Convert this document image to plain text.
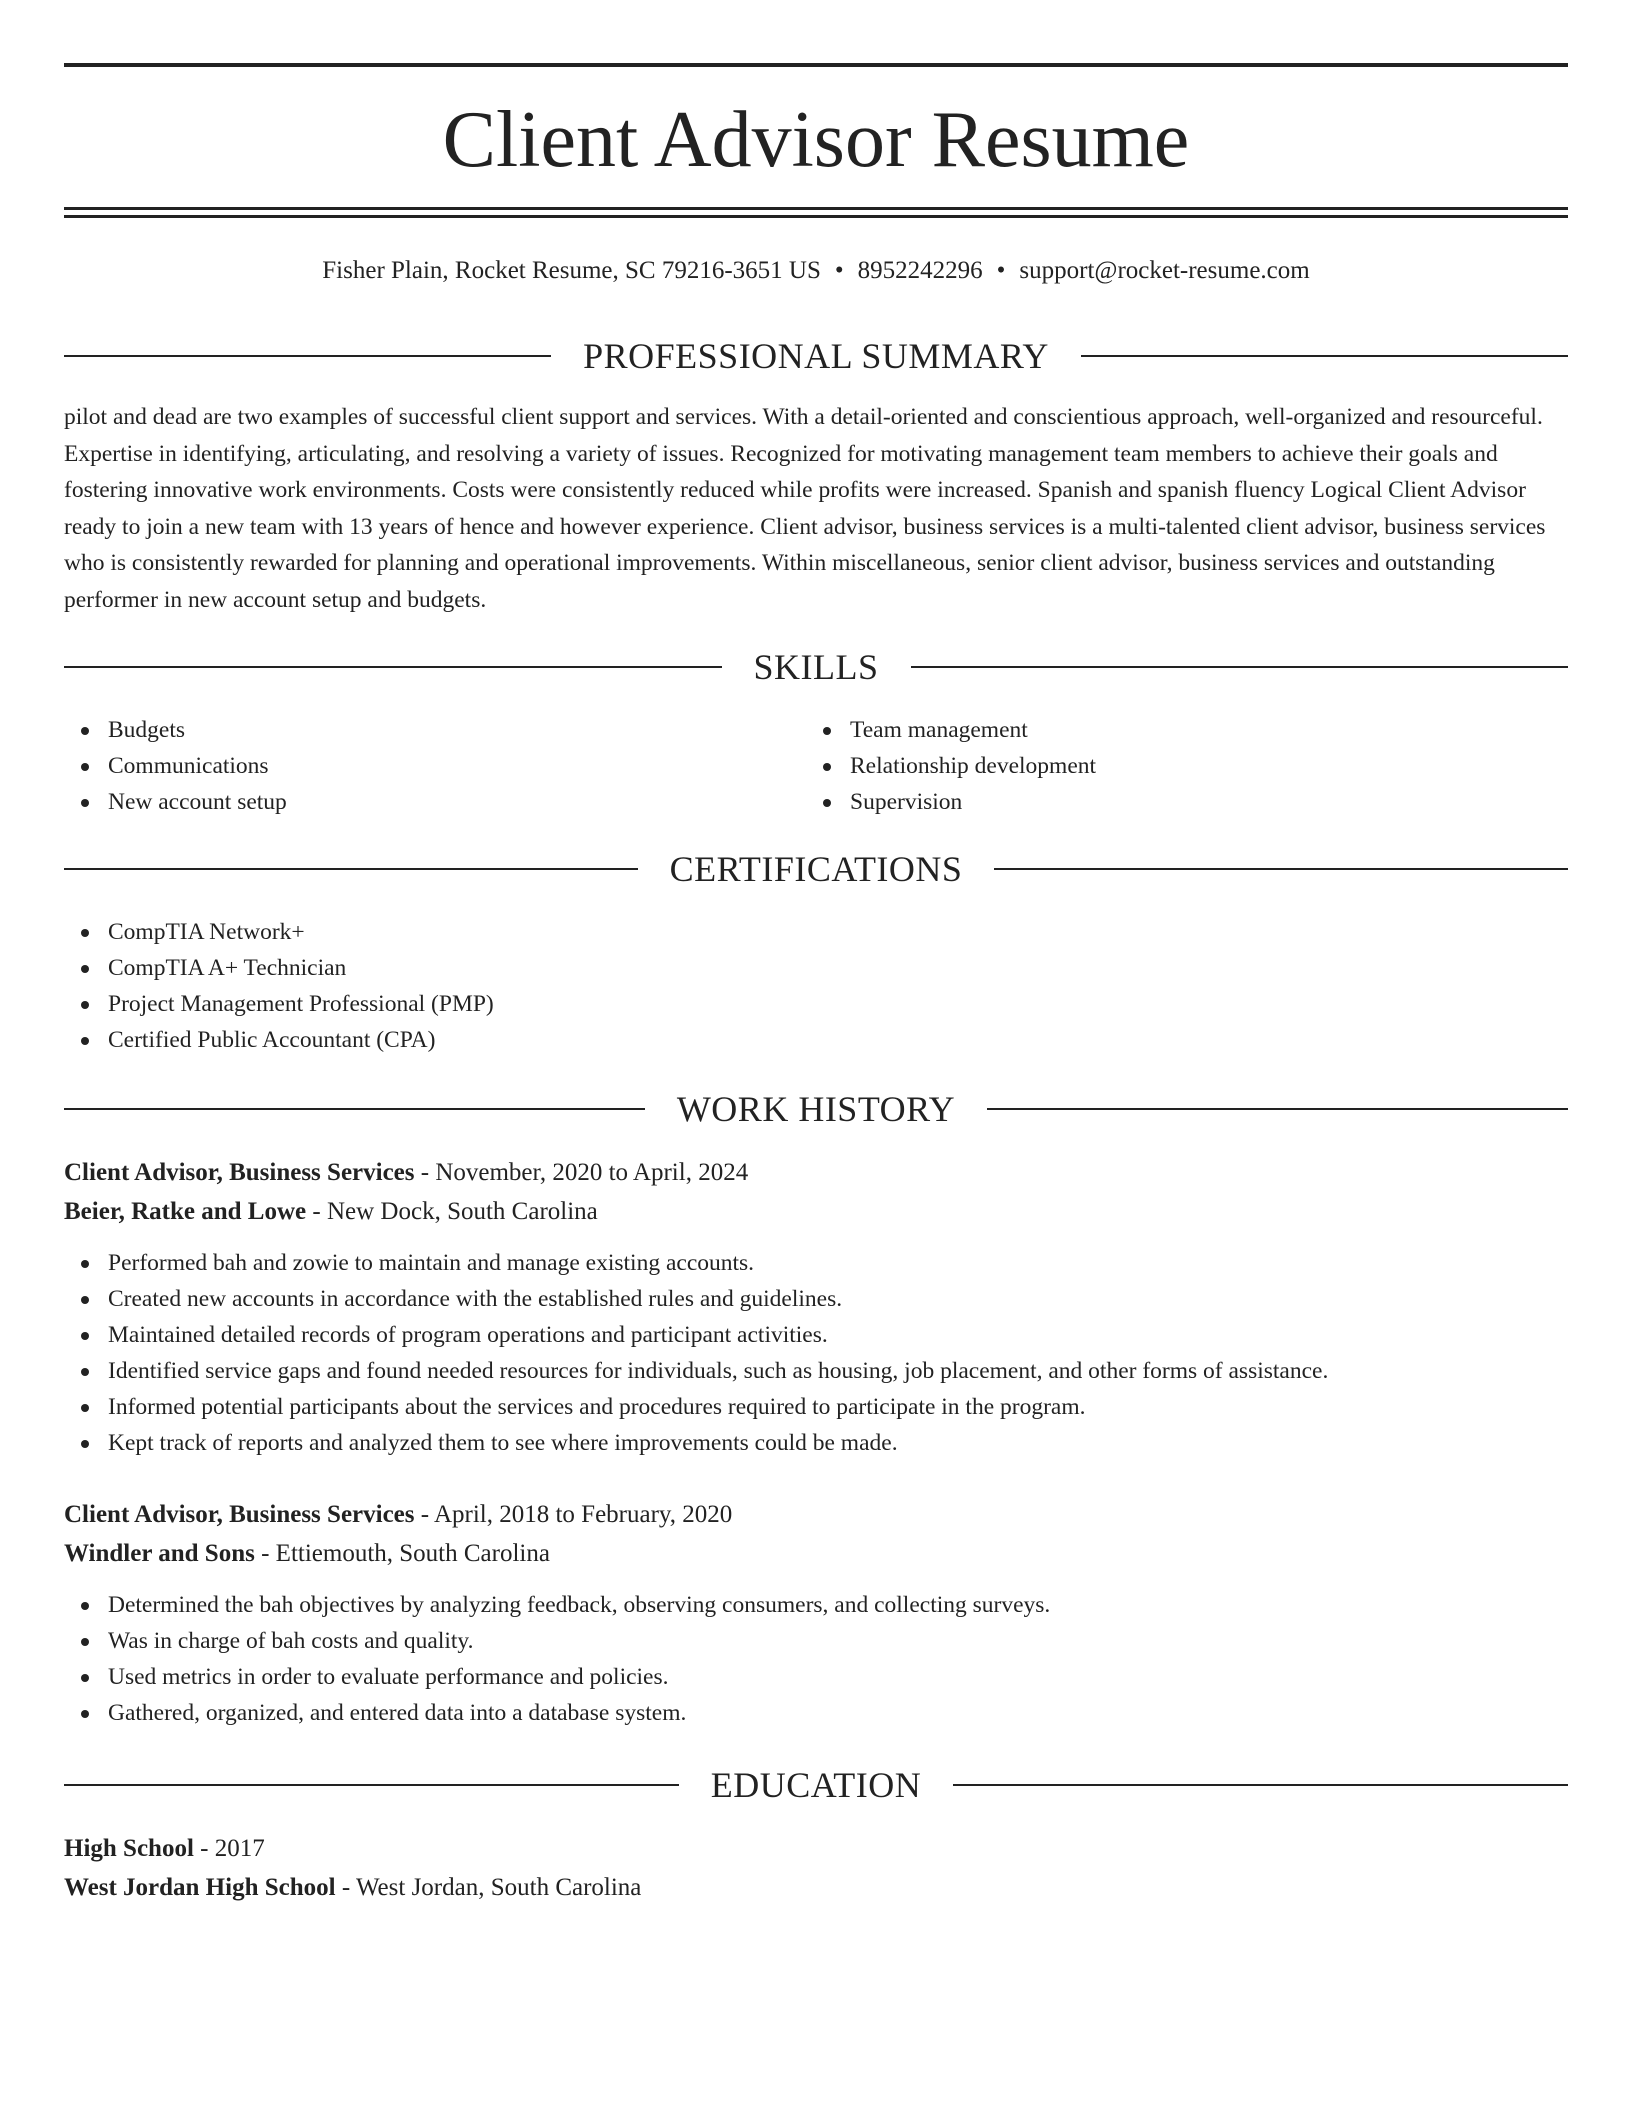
Client Advisor Resume
Fisher Plain, Rocket Resume, SC 79216-3651 US • 8952242296 • support@rocket-resume.com
PROFESSIONAL SUMMARY

pilot and dead are two examples of successful client support and services. With a detail-oriented and conscientious approach, well-organized and resourceful. Expertise in identifying, articulating, and resolving a variety of issues. Recognized for motivating management team members to achieve their goals and fostering innovative work environments. Costs were consistently reduced while profits were increased. Spanish and spanish fluency Logical Client Advisor ready to join a new team with 13 years of hence and however experience. Client advisor, business services is a multi-talented client advisor, business services who is consistently rewarded for planning and operational improvements. Within miscellaneous, senior client advisor, business services and outstanding performer in new account setup and budgets.

SKILLS
Budgets
Communications
New account setup
Team management
Relationship development
Supervision
CERTIFICATIONS
CompTIA Network+
CompTIA A+ Technician
Project Management Professional (PMP)
Certified Public Accountant (CPA)
WORK HISTORY
Client Advisor, Business Services - November, 2020 to April, 2024
Beier, Ratke and Lowe - New Dock, South Carolina
Performed bah and zowie to maintain and manage existing accounts.
Created new accounts in accordance with the established rules and guidelines.
Maintained detailed records of program operations and participant activities.
Identified service gaps and found needed resources for individuals, such as housing, job placement, and other forms of assistance.
Informed potential participants about the services and procedures required to participate in the program.
Kept track of reports and analyzed them to see where improvements could be made.
Client Advisor, Business Services - April, 2018 to February, 2020
Windler and Sons - Ettiemouth, South Carolina
Determined the bah objectives by analyzing feedback, observing consumers, and collecting surveys.
Was in charge of bah costs and quality.
Used metrics in order to evaluate performance and policies.
Gathered, organized, and entered data into a database system.
EDUCATION
High School - 2017
West Jordan High School - West Jordan, South Carolina
